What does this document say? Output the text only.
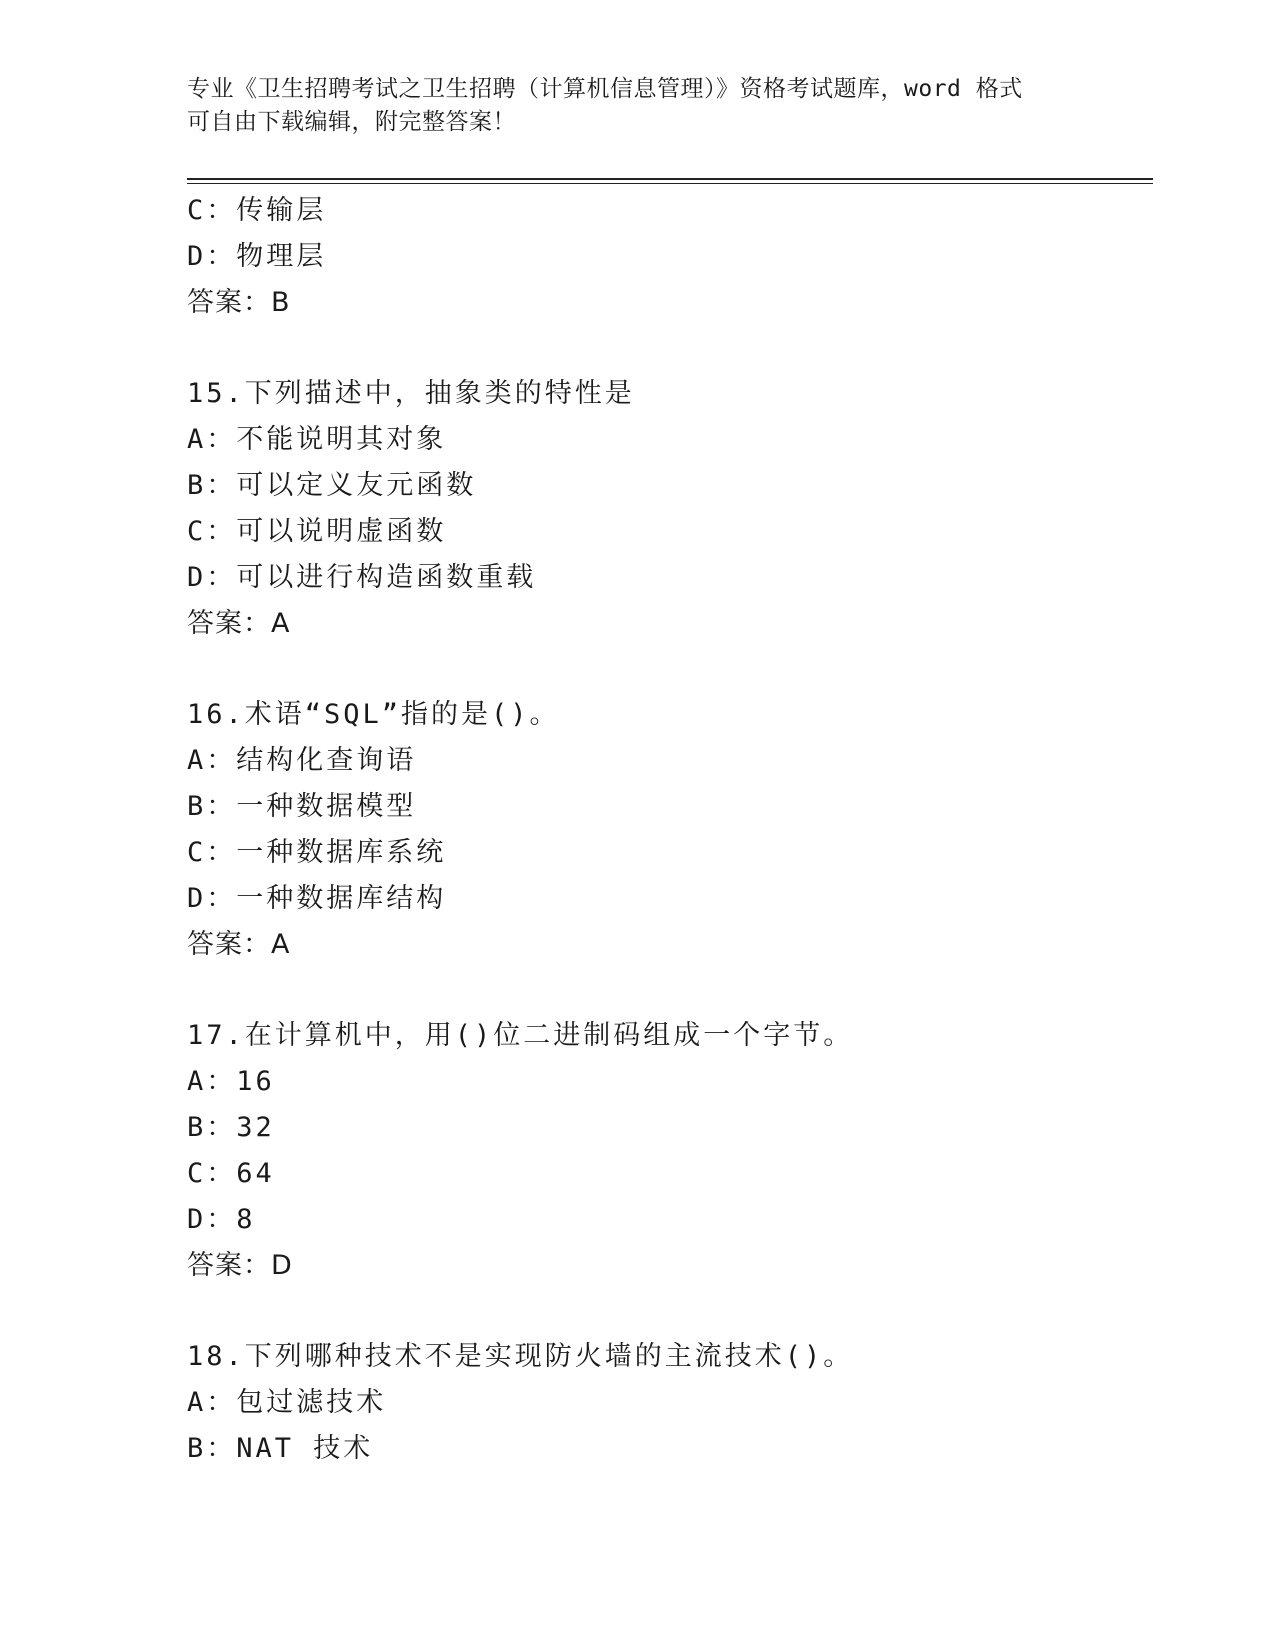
专业《卫生招聘考试之卫生招聘（计算机信息管理）》资格考试题库，word 格式
可自由下载编辑，附完整答案！
C：传输层
D：物理层
答案：B
15.下列描述中，抽象类的特性是
A：不能说明其对象
B：可以定义友元函数
C：可以说明虚函数
D：可以进行构造函数重载
答案：A
16.术语“SQL”指的是()。
A：结构化查询语
B：一种数据模型
C：一种数据库系统
D：一种数据库结构
答案：A
17.在计算机中，用()位二进制码组成一个字节。
A：16
B：32
C：64
D：8
答案：D
18.下列哪种技术不是实现防火墙的主流技术()。
A：包过滤技术
B：NAT 技术
